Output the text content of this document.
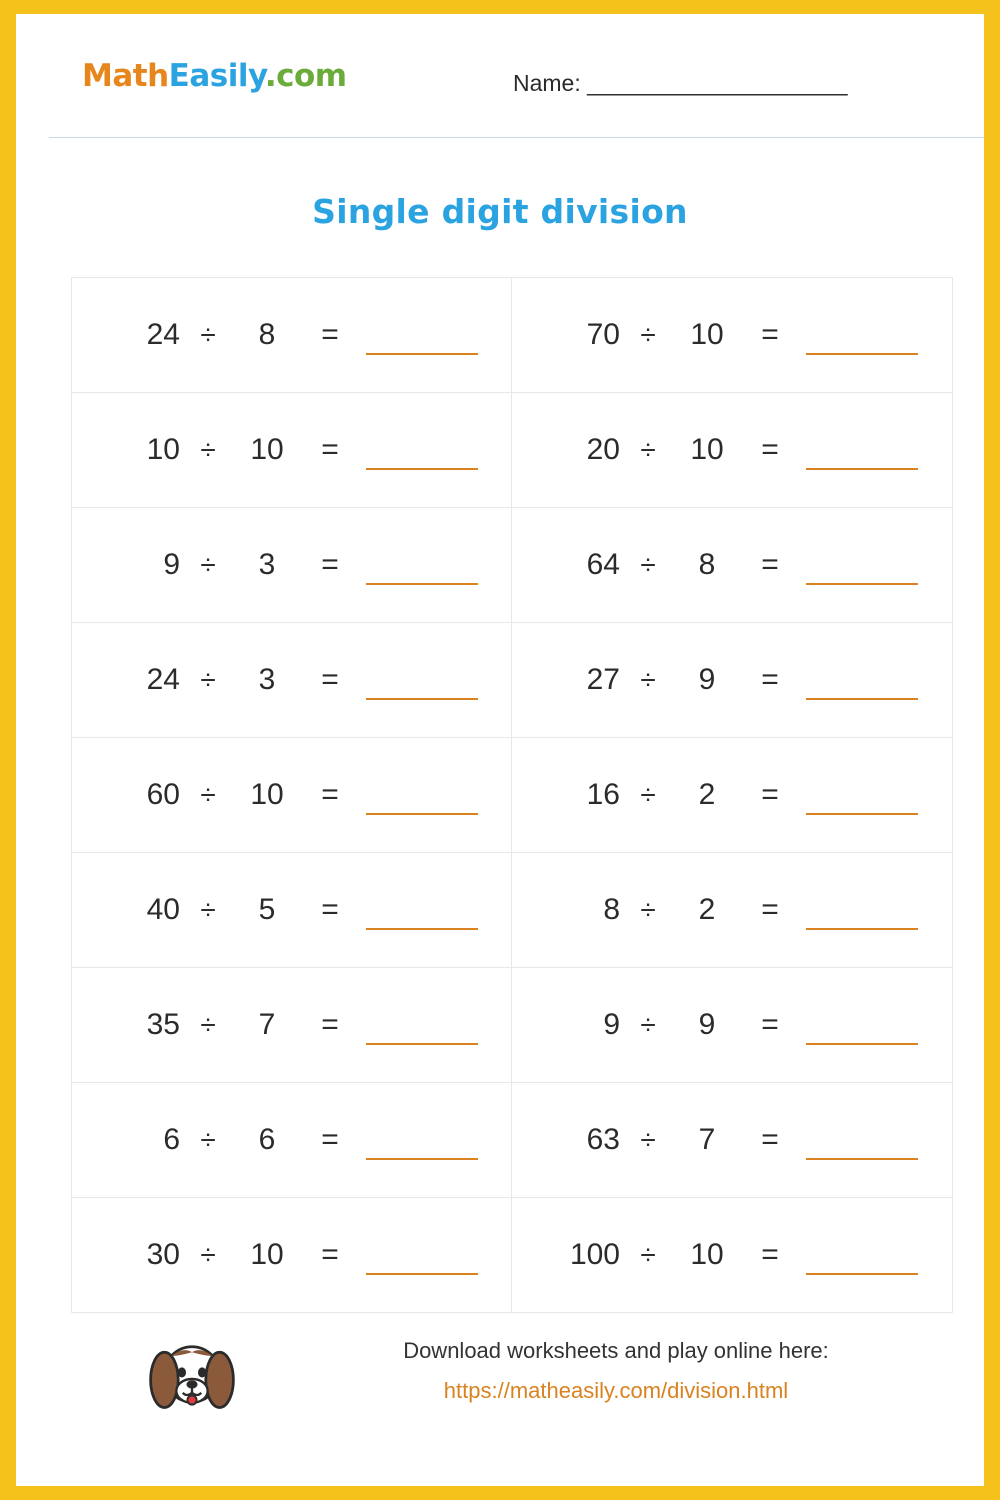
MathEasily.com	Name: ______________________
Single digit division
24 ÷	8	=	70 ÷	10	=
10 ÷	10	=	20 ÷	10	=
9 ÷	3	=	64 ÷	8	=
24 ÷	3	=	27 ÷	9	=
60 ÷	10	=	16 ÷	2	=
40 ÷	5	=	8 ÷	2	=
35 ÷	7	=	9 ÷	9	=
6 ÷	6	=	63 ÷	7	=
30 ÷	10	=	100 ÷	10	=
Download worksheets and play online here:
https://matheasily.com/division.html
